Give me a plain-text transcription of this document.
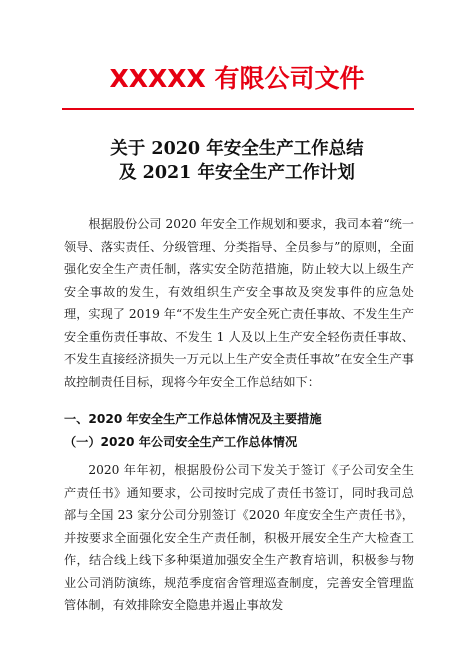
XXXXX 有限公司文件
关于 2020 年安全生产工作总结
及 2021 年安全生产工作计划

根据股份公司 2020 年安全工作规划和要求，我司本着“统一领导、落实责任、分级管理、分类指导、全员参与”的原则，全面强化安全生产责任制，落实安全防范措施，防止较大以上级生产安全事故的发生，有效组织生产安全事故及突发事件的应急处理，实现了 2019 年“不发生生产安全死亡责任事故、不发生生产安全重伤责任事故、不发生 1 人及以上生产安全轻伤责任事故、不发生直接经济损失一万元以上生产安全责任事故”在安全生产事故控制责任目标，现将今年安全工作总结如下：

一、2020 年安全生产工作总体情况及主要措施
（一）2020 年公司安全生产工作总体情况

2020 年年初，根据股份公司下发关于签订《子公司安全生产责任书》通知要求，公司按时完成了责任书签订，同时我司总部与全国 23 家分公司分别签订《2020 年度安全生产责任书》，并按要求全面强化安全生产责任制，积极开展安全生产大检查工作，结合线上线下多种渠道加强安全生产教育培训，积极参与物业公司消防演练，规范季度宿舍管理巡查制度，完善安全管理监管体制，有效排除安全隐患并遏止事故发
